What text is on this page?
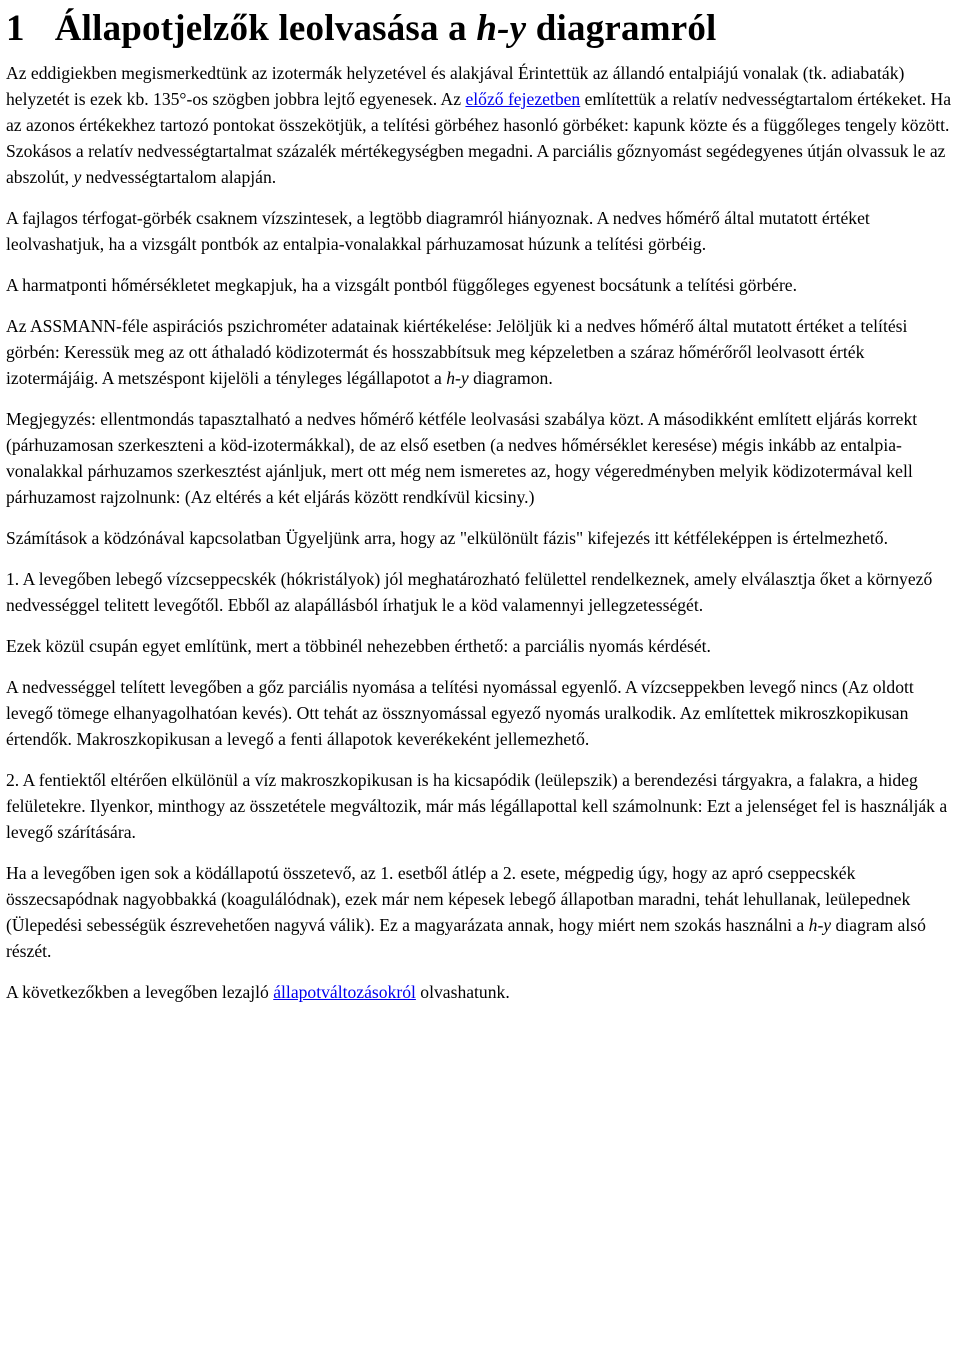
1 Állapotjelzők leolvasása a h-y diagramról

Az eddigiekben megismerkedtünk az izotermák helyzetével és alakjával Érintettük az állandó entalpiájú vonalak (tk. adiabaták) helyzetét is ezek kb. 135°-os szögben jobbra lejtő egyenesek. Az előző fejezetben említettük a relatív nedvességtartalom értékeket. Ha az azonos értékekhez tartozó pontokat összekötjük, a telítési görbéhez hasonló görbéket: kapunk közte és a függőleges tengely között. Szokásos a relatív nedvességtartalmat százalék mértékegységben megadni. A parciális gőznyomást segédegyenes útján olvassuk le az abszolút, y nedvességtartalom alapján.

A fajlagos térfogat-görbék csaknem vízszintesek, a legtöbb diagramról hiányoznak. A nedves hőmérő által mutatott értéket leolvashatjuk, ha a vizsgált pontbók az entalpia-vonalakkal párhuzamosat húzunk a telítési görbéig.

A harmatponti hőmérsékletet megkapjuk, ha a vizsgált pontból függőleges egyenest bocsátunk a telítési görbére.

Az ASSMANN-féle aspirációs pszichrométer adatainak kiértékelése: Jelöljük ki a nedves hőmérő által mutatott értéket a telítési görbén: Keressük meg az ott áthaladó ködizotermát és hosszabbítsuk meg képzeletben a száraz hőmérőről leolvasott érték izotermájáig. A metszéspont kijelöli a tényleges légállapotot a h-y diagramon.

Megjegyzés: ellentmondás tapasztalható a nedves hőmérő kétféle leolvasási szabálya közt. A másodikként említett eljárás korrekt (párhuzamosan szerkeszteni a köd-izotermákkal), de az első esetben (a nedves hőmérséklet keresése) mégis inkább az entalpia-vonalakkal párhuzamos szerkesztést ajánljuk, mert ott még nem ismeretes az, hogy végeredményben melyik ködizotermával kell párhuzamost rajzolnunk: (Az eltérés a két eljárás között rendkívül kicsiny.)

Számítások a ködzónával kapcsolatban Ügyeljünk arra, hogy az "elkülönült fázis" kifejezés itt kétféleképpen is értelmezhető.

1. A levegőben lebegő vízcseppecskék (hókristályok) jól meghatározható felülettel rendelkeznek, amely elválasztja őket a környező nedvességgel telitett levegőtől. Ebből az alapállásból írhatjuk le a köd valamennyi jellegzetességét.

Ezek közül csupán egyet említünk, mert a többinél nehezebben érthető: a parciális nyomás kérdését.

A nedvességgel telített levegőben a gőz parciális nyomása a telítési nyomással egyenlő. A vízcseppekben levegő nincs (Az oldott levegő tömege elhanyagolhatóan kevés). Ott tehát az össznyomással egyező nyomás uralkodik. Az említettek mikroszkopikusan értendők. Makroszkopikusan a levegő a fenti állapotok keverékeként jellemezhető.

2. A fentiektől eltérően elkülönül a víz makroszkopikusan is ha kicsapódik (leülepszik) a berendezési tárgyakra, a falakra, a hideg felületekre. Ilyenkor, minthogy az összetétele megváltozik, már más légállapottal kell számolnunk: Ezt a jelenséget fel is használják a levegő szárítására.

Ha a levegőben igen sok a ködállapotú összetevő, az 1. esetből átlép a 2. esete, mégpedig úgy, hogy az apró cseppecskék összecsapódnak nagyobbakká (koagulálódnak), ezek már nem képesek lebegő állapotban maradni, tehát lehullanak, leülepednek (Ülepedési sebességük észrevehetően nagyvá válik). Ez a magyarázata annak, hogy miért nem szokás használni a h-y diagram alsó részét.

A következőkben a levegőben lezajló állapotváltozásokról olvashatunk.
